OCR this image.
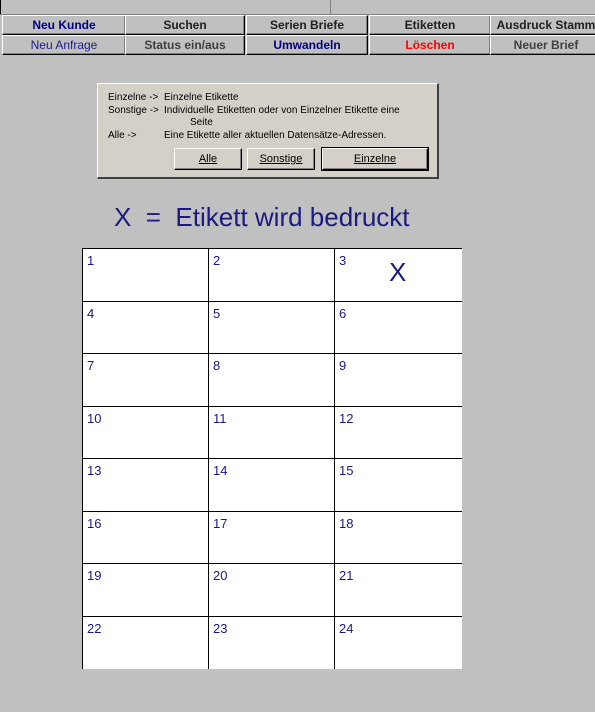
Neu Kunde	Suchen	Serien Briefe	Etiketten	Ausdruck Stamm
Neu Anfrage	Status ein/aus	Umwandeln	Löschen	Neuer Brief
Einzelne -> Einzelne Etikette
Sonstige -> Individuelle Etiketten oder von Einzelner Etikette eine
Seite
Alle ->	Eine Etikette aller aktuellen Datensätze-Adressen.
Alle	Sonstige	Einzelne
X  =  Etikett wird bedruckt
1	2	3 X
4	5	6
7	8	9
10	11	12
13	14	15
16	17	18
19	20	21
22	23	24
